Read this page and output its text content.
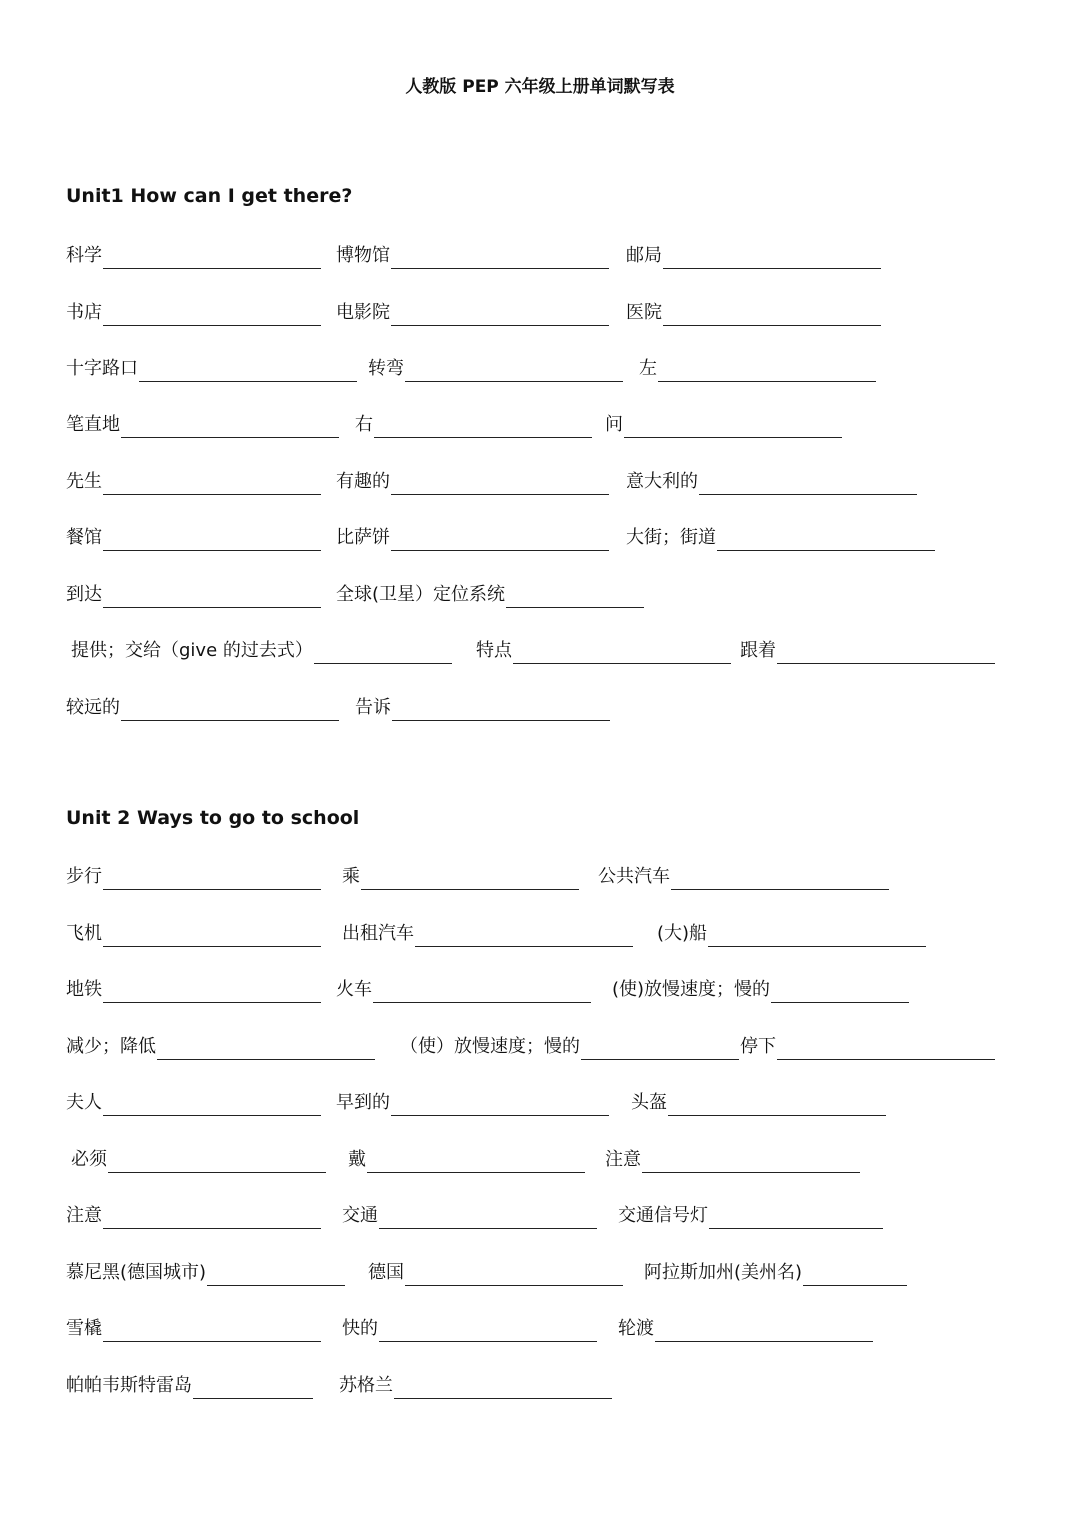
人教版 PEP 六年级上册单词默写表
Unit1 How can I get there?
科学	博物馆	邮局
书店	电影院	医院
十字路口	转弯	左
笔直地	右	问
先生	有趣的	意大利的
餐馆	比萨饼	大街；街道
到达	全球(卫星）定位系统
提供；交给（give 的过去式）	特点	跟着
较远的	告诉
Unit 2 Ways to go to school
步行	乘	公共汽车
飞机	出租汽车	(大)船
地铁	火车	(使)放慢速度；慢的
减少；降低	（使）放慢速度；慢的	停下
夫人	早到的	头盔
必须	戴	注意
注意	交通	交通信号灯
慕尼黑(德国城市)	德国	阿拉斯加州(美州名)
雪橇	快的	轮渡
帕帕韦斯特雷岛	苏格兰
